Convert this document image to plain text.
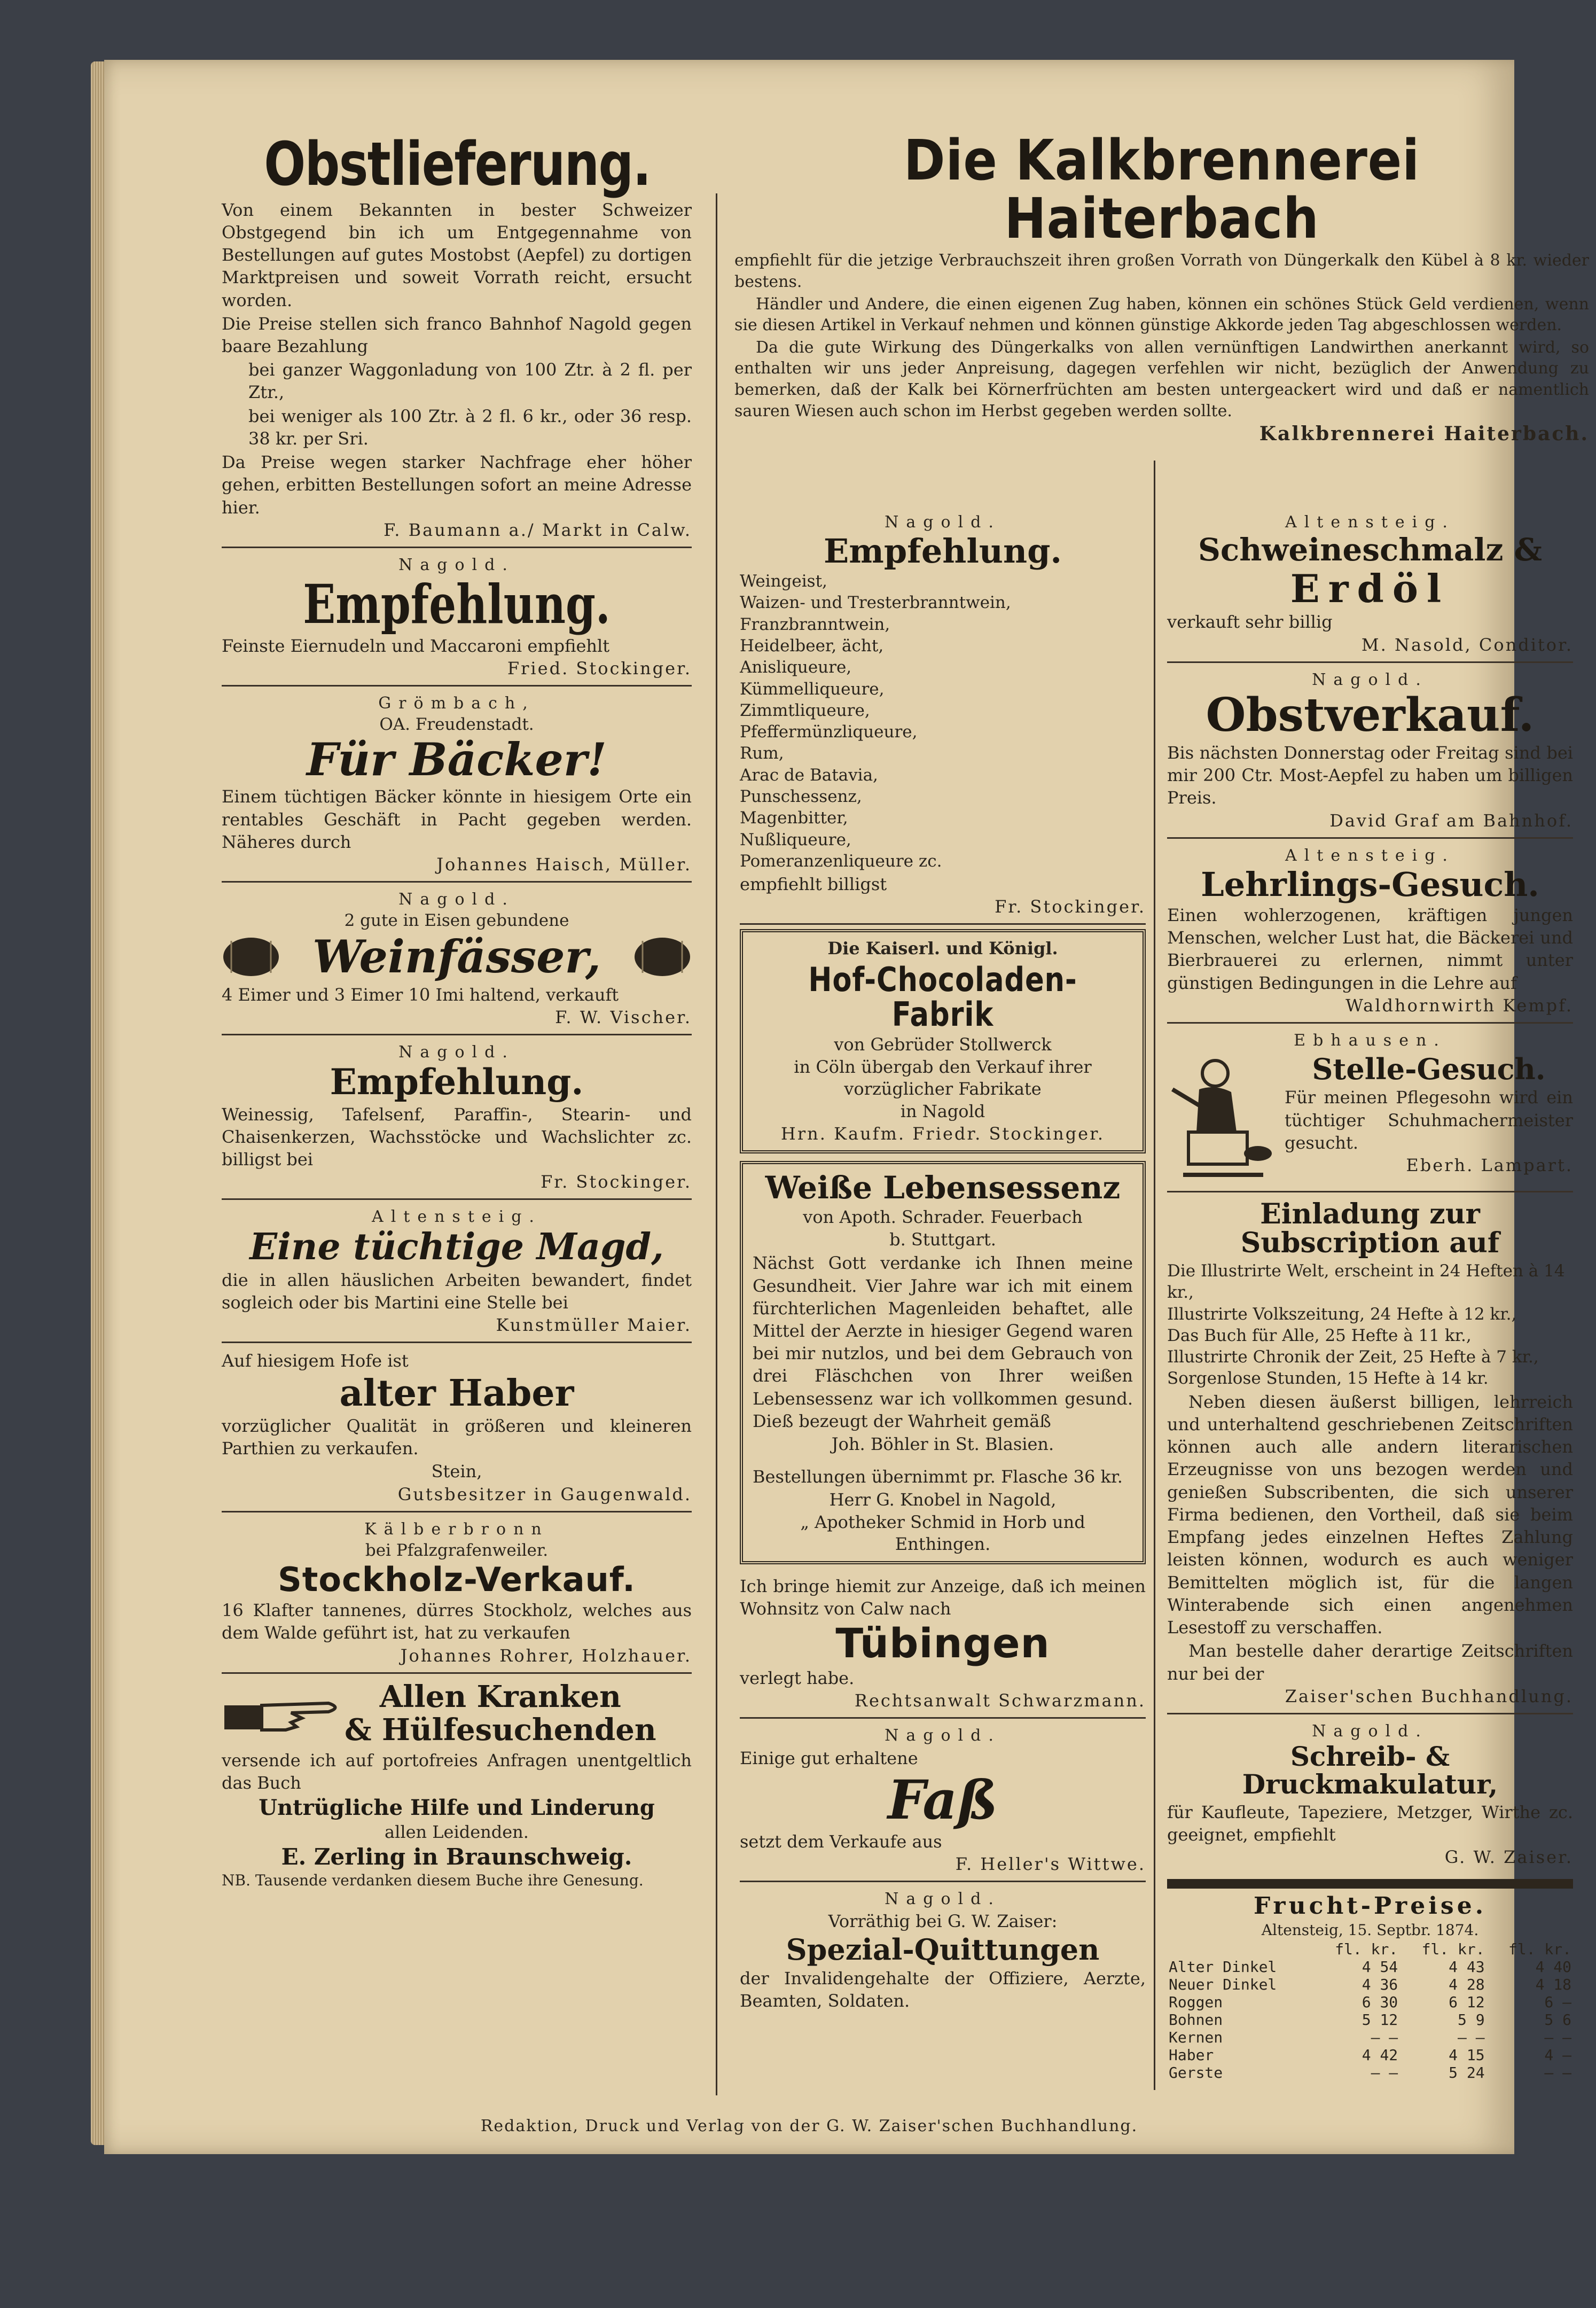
Obstlieferung.
Von einem Bekannten in bester Schweizer Obstgegend bin ich um Entgegennahme von Bestellungen auf gutes Mostobst (Aepfel) zu dortigen Marktpreisen und soweit Vorrath reicht, ersucht worden.
Die Preise stellen sich franco Bahnhof Nagold gegen baare Bezahlung
bei ganzer Waggonladung von 100 Ztr. à 2 fl. per Ztr.,
bei weniger als 100 Ztr. à 2 fl. 6 kr., oder 36 resp. 38 kr. per Sri.
Da Preise wegen starker Nachfrage eher höher gehen, erbitten Bestellungen sofort an meine Adresse hier.
F. Baumann a./ Markt in Calw.
Nagold.
Empfehlung.
Feinste Eiernudeln und Maccaroni empfiehlt
Fried. Stockinger.
Grömbach,
OA. Freudenstadt.
Für Bäcker!
Einem tüchtigen Bäcker könnte in hiesigem Orte ein rentables Geschäft in Pacht gegeben werden. Näheres durch
Johannes Haisch, Müller.
Nagold.
2 gute in Eisen gebundene
Weinfässer,
4 Eimer und 3 Eimer 10 Imi haltend, verkauft
F. W. Vischer.
Nagold.
Empfehlung.
Weinessig, Tafelsenf, Paraffin-, Stearin- und Chaisenkerzen, Wachsstöcke und Wachslichter zc. billigst bei
Fr. Stockinger.
Altensteig.
Eine tüchtige Magd,
die in allen häuslichen Arbeiten bewandert, findet sogleich oder bis Martini eine Stelle bei
Kunstmüller Maier.
Auf hiesigem Hofe ist
alter Haber
vorzüglicher Qualität in größeren und kleineren Parthien zu verkaufen.
Stein,
Gutsbesitzer in Gaugenwald.
Kälberbronn
bei Pfalzgrafenweiler.
Stockholz-Verkauf.
16 Klafter tannenes, dürres Stockholz, welches aus dem Walde geführt ist, hat zu verkaufen
Johannes Rohrer, Holzhauer.
Allen Kranken
& Hülfesuchenden
versende ich auf portofreies Anfragen unentgeltlich das Buch
Untrügliche Hilfe und Linderung
allen Leidenden.
E. Zerling in Braunschweig.
NB. Tausende verdanken diesem Buche ihre Genesung.
Die Kalkbrennerei Haiterbach
empfiehlt für die jetzige Verbrauchszeit ihren großen Vorrath von Düngerkalk den Kübel à 8 kr. wieder bestens.
Händler und Andere, die einen eigenen Zug haben, können ein schönes Stück Geld verdienen, wenn sie diesen Artikel in Verkauf nehmen und können günstige Akkorde jeden Tag abgeschlossen werden.
Da die gute Wirkung des Düngerkalks von allen vernünftigen Landwirthen anerkannt wird, so enthalten wir uns jeder Anpreisung, dagegen verfehlen wir nicht, bezüglich der Anwendung zu bemerken, daß der Kalk bei Körnerfrüchten am besten untergeackert wird und daß er namentlich sauren Wiesen auch schon im Herbst gegeben werden sollte.
Kalkbrennerei Haiterbach.
Nagold.
Empfehlung.
Weingeist,
Waizen- und Tresterbranntwein,
Franzbranntwein,
Heidelbeer, ächt,
Anisliqueure,
Kümmelliqueure,
Zimmtliqueure,
Pfeffermünzliqueure,
Rum,
Arac de Batavia,
Punschessenz,
Magenbitter,
Nußliqueure,
Pomeranzenliqueure zc.
empfiehlt billigst
Fr. Stockinger.
Die Kaiserl. und Königl.
Hof-Chocoladen-Fabrik
von Gebrüder Stollwerck
in Cöln übergab den Verkauf ihrer vorzüglicher Fabrikate
in Nagold
Hrn. Kaufm. Friedr. Stockinger.
Weiße Lebensessenz
von Apoth. Schrader. Feuerbach
b. Stuttgart.
Nächst Gott verdanke ich Ihnen meine Gesundheit. Vier Jahre war ich mit einem fürchterlichen Magenleiden behaftet, alle Mittel der Aerzte in hiesiger Gegend waren bei mir nutzlos, und bei dem Gebrauch von drei Fläschchen von Ihrer weißen Lebensessenz war ich vollkommen gesund. Dieß bezeugt der Wahrheit gemäß
Joh. Böhler in St. Blasien.
Bestellungen übernimmt pr. Flasche 36 kr.
Herr G. Knobel in Nagold,
„ Apotheker Schmid in Horb und Enthingen.
Ich bringe hiemit zur Anzeige, daß ich meinen Wohnsitz von Calw nach
Tübingen
verlegt habe.
Rechtsanwalt Schwarzmann.
Nagold.
Einige gut erhaltene
Faß
setzt dem Verkaufe aus
F. Heller's Wittwe.
Nagold.
Vorräthig bei G. W. Zaiser:
Spezial-Quittungen
der Invalidengehalte der Offiziere, Aerzte, Beamten, Soldaten.
Altensteig.
Schweineschmalz &
Erdöl
verkauft sehr billig
M. Nasold, Conditor.
Nagold.
Obstverkauf.
Bis nächsten Donnerstag oder Freitag sind bei mir 200 Ctr. Most-Aepfel zu haben um billigen Preis.
David Graf am Bahnhof.
Altensteig.
Lehrlings-Gesuch.
Einen wohlerzogenen, kräftigen jungen Menschen, welcher Lust hat, die Bäckerei und Bierbrauerei zu erlernen, nimmt unter günstigen Bedingungen in die Lehre auf
Waldhornwirth Kempf.
Ebhausen.
Stelle-Gesuch.
Für meinen Pflegesohn wird ein tüchtiger Schuhmachermeister gesucht.
Eberh. Lampart.
Einladung zur Subscription auf
Die Illustrirte Welt, erscheint in 24 Heften à 14 kr.,
Illustrirte Volkszeitung, 24 Hefte à 12 kr.,
Das Buch für Alle, 25 Hefte à 11 kr.,
Illustrirte Chronik der Zeit, 25 Hefte à 7 kr.,
Sorgenlose Stunden, 15 Hefte à 14 kr.
Neben diesen äußerst billigen, lehrreich und unterhaltend geschriebenen Zeitschriften können auch alle andern literarischen Erzeugnisse von uns bezogen werden und genießen Subscribenten, die sich unserer Firma bedienen, den Vortheil, daß sie beim Empfang jedes einzelnen Heftes Zahlung leisten können, wodurch es auch weniger Bemittelten möglich ist, für die langen Winterabende sich einen angenehmen Lesestoff zu verschaffen.
Man bestelle daher derartige Zeitschriften nur bei der
Zaiser'schen Buchhandlung.
Nagold.
Schreib- & Druckmakulatur,
für Kaufleute, Tapeziere, Metzger, Wirthe zc. geeignet, empfiehlt
G. W. Zaiser.
Frucht-Preise.
Altensteig, 15. Septbr. 1874.
	fl. kr.	fl. kr.	fl. kr.
Alter Dinkel	4 54	4 43	4 40
Neuer Dinkel	4 36	4 28	4 18
Roggen	6 30	6 12	6 —
Bohnen	5 12	5 9	5 6
Kernen	— —	— —	— —
Haber	4 42	4 15	4 —
Gerste	— —	5 24	— —
Redaktion, Druck und Verlag von der G. W. Zaiser'schen Buchhandlung.
